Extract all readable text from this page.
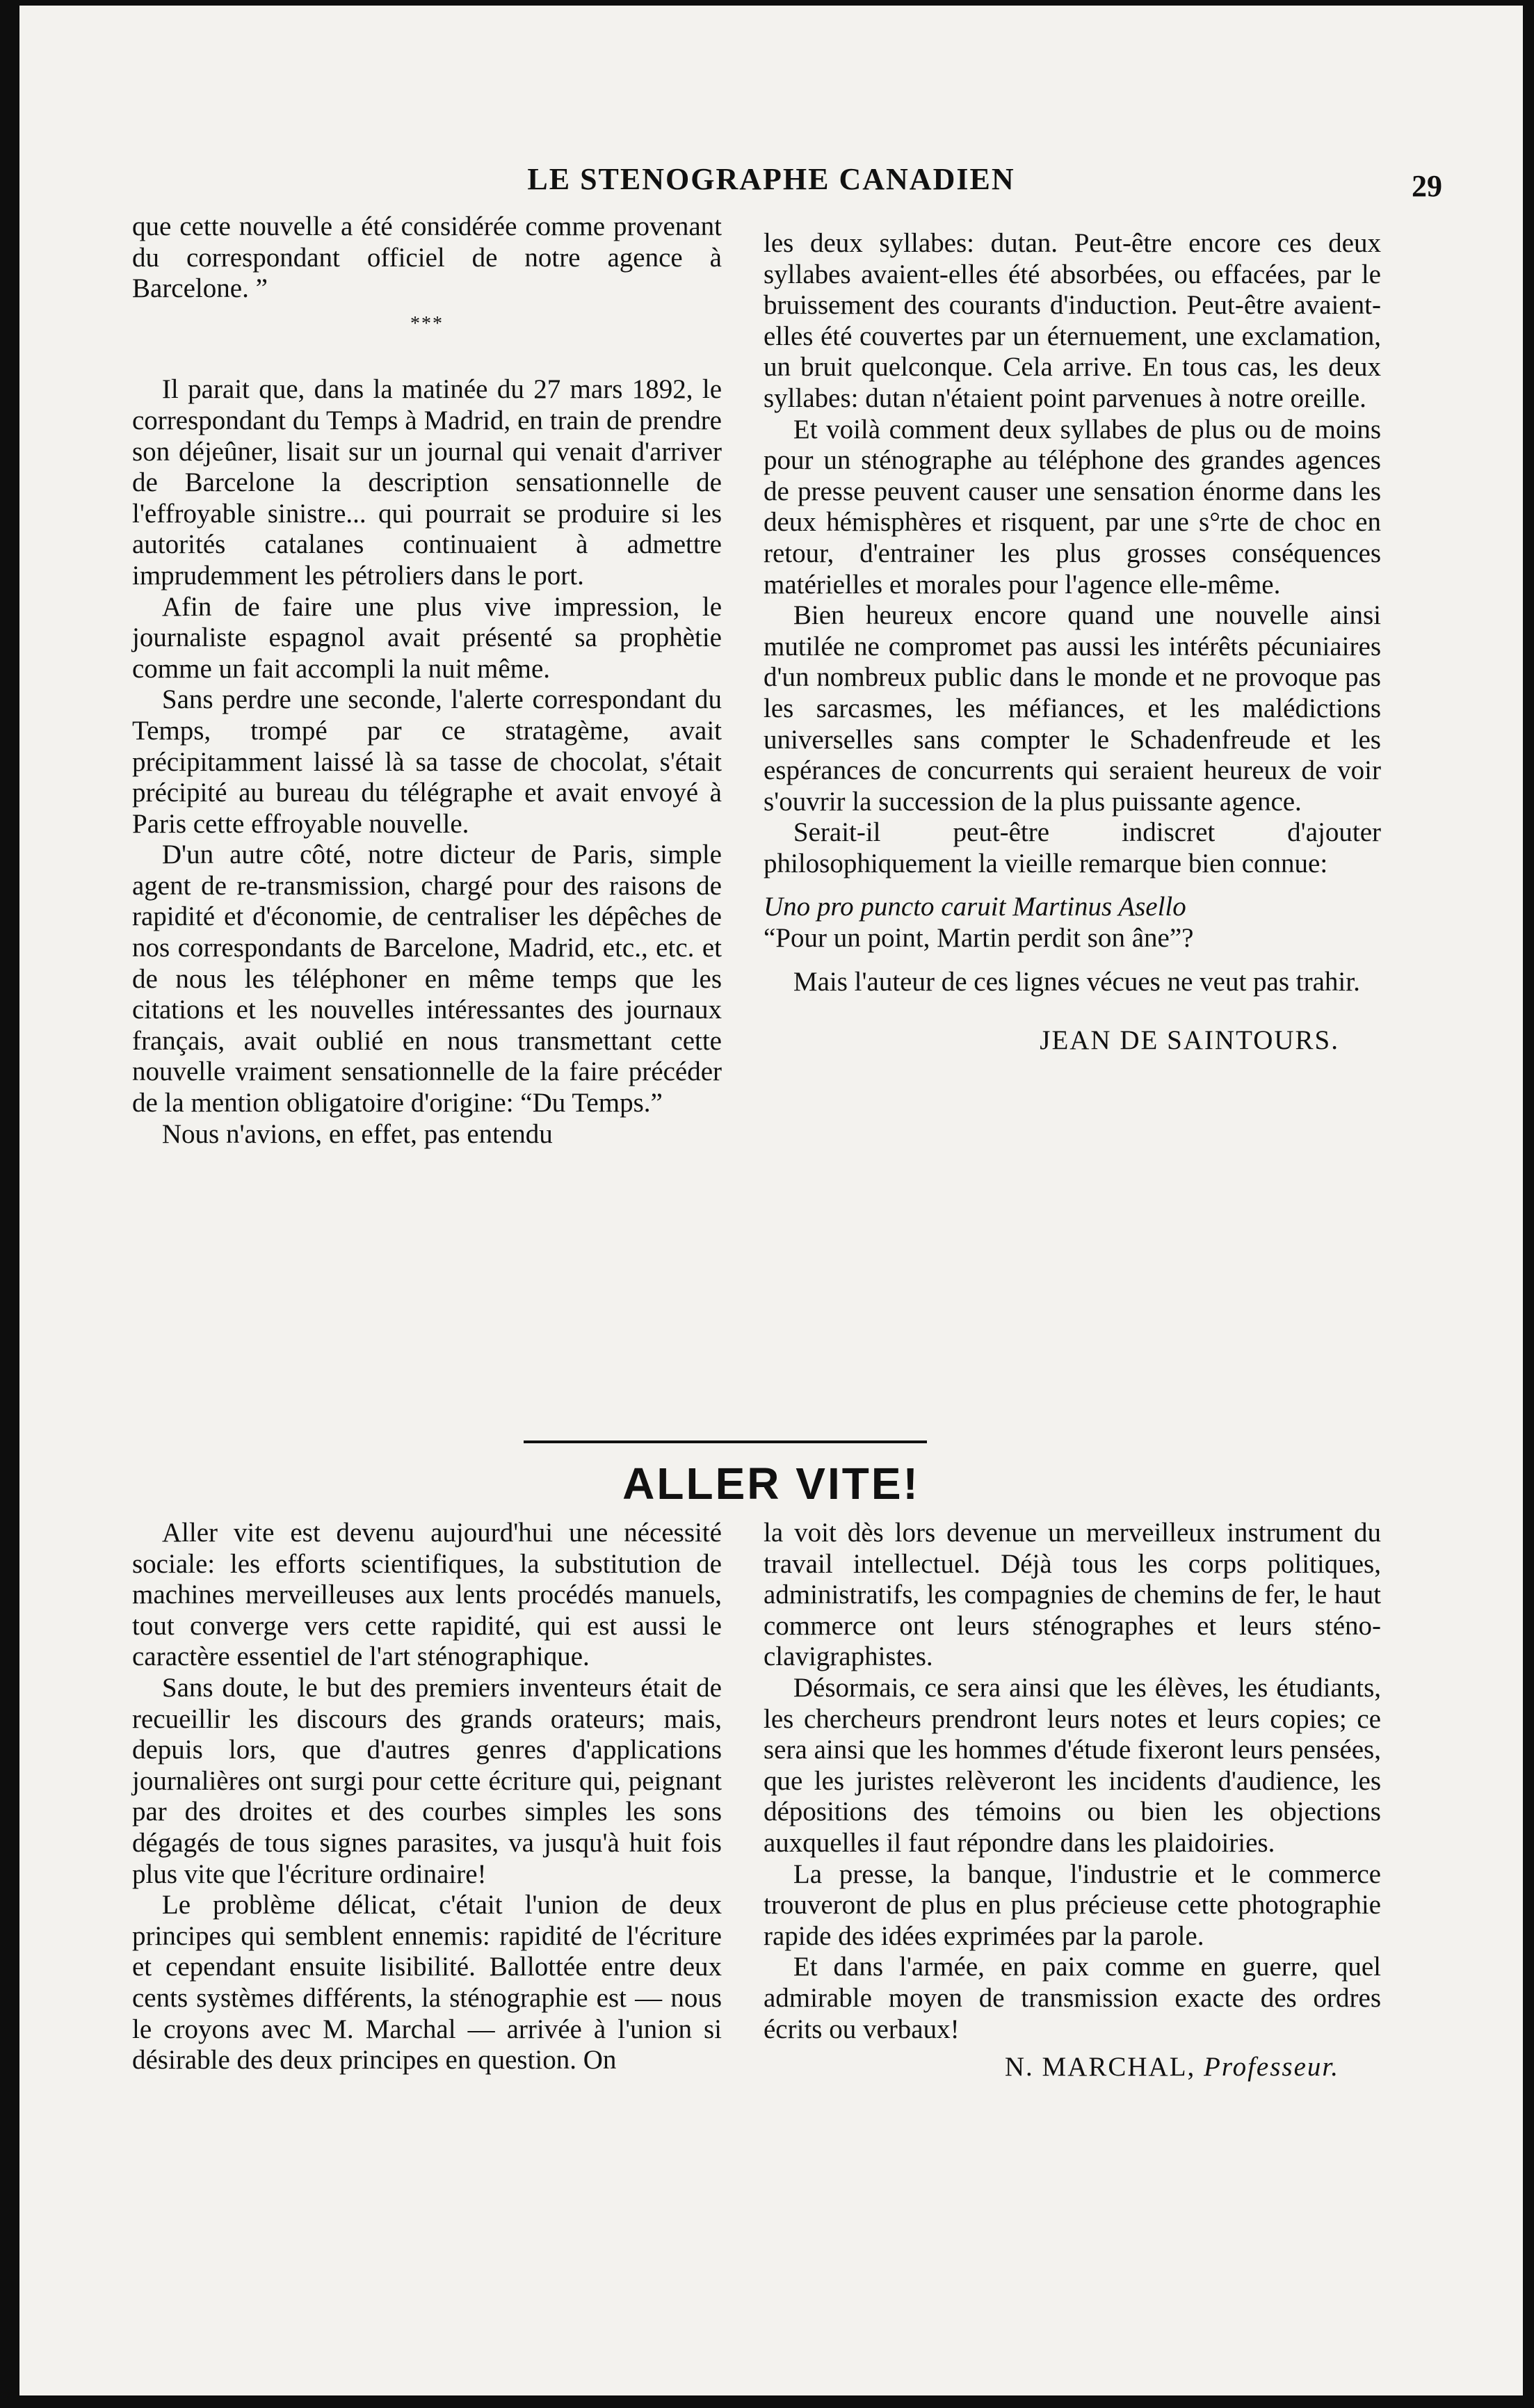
LE STENOGRAPHE CANADIEN	29

que cette nouvelle a été considérée comme provenant du correspondant officiel de notre agence à Barcelone. ”

***

Il parait que, dans la matinée du 27 mars 1892, le correspondant du Temps à Madrid, en train de prendre son déjeûner, lisait sur un journal qui venait d'arriver de Barcelone la description sensationnelle de l'effroyable sinistre... qui pourrait se produire si les autorités catalanes continuaient à admettre imprudemment les pétroliers dans le port.

Afin de faire une plus vive impression, le journaliste espagnol avait présenté sa prophètie comme un fait accompli la nuit même.

Sans perdre une seconde, l'alerte correspondant du Temps, trompé par ce stratagème, avait précipitamment laissé là sa tasse de chocolat, s'était précipité au bureau du télégraphe et avait envoyé à Paris cette effroyable nouvelle.

D'un autre côté, notre dicteur de Paris, simple agent de re-transmission, chargé pour des raisons de rapidité et d'économie, de centraliser les dépêches de nos correspondants de Barcelone, Madrid, etc., etc. et de nous les téléphoner en même temps que les citations et les nouvelles intéressantes des journaux français, avait oublié en nous transmettant cette nouvelle vraiment sensationnelle de la faire précéder de la mention obligatoire d'origine: “Du Temps.”

Nous n'avions, en effet, pas entendu

les deux syllabes: dutan. Peut-être encore ces deux syllabes avaient-elles été absorbées, ou effacées, par le bruissement des courants d'induction. Peut-être avaient-elles été couvertes par un éternuement, une exclamation, un bruit quelconque. Cela arrive. En tous cas, les deux syllabes: dutan n'étaient point parvenues à notre oreille.

Et voilà comment deux syllabes de plus ou de moins pour un sténographe au téléphone des grandes agences de presse peuvent causer une sensation énorme dans les deux hémisphères et risquent, par une s°rte de choc en retour, d'entrainer les plus grosses conséquences matérielles et morales pour l'agence elle-même.

Bien heureux encore quand une nouvelle ainsi mutilée ne compromet pas aussi les intérêts pécuniaires d'un nombreux public dans le monde et ne provoque pas les sarcasmes, les méfiances, et les malédictions universelles sans compter le Schadenfreude et les espérances de concurrents qui seraient heureux de voir s'ouvrir la succession de la plus puissante agence.

Serait-il peut-être indiscret d'ajouter philosophiquement la vieille remarque bien connue:

Uno pro puncto caruit Martinus Asello

“Pour un point, Martin perdit son âne”?

Mais l'auteur de ces lignes vécues ne veut pas trahir.

JEAN DE SAINTOURS.

ALLER VITE!

Aller vite est devenu aujourd'hui une nécessité sociale: les efforts scientifiques, la substitution de machines merveilleuses aux lents procédés manuels, tout converge vers cette rapidité, qui est aussi le caractère essentiel de l'art sténographique.

Sans doute, le but des premiers inventeurs était de recueillir les discours des grands orateurs; mais, depuis lors, que d'autres genres d'applications journalières ont surgi pour cette écriture qui, peignant par des droites et des courbes simples les sons dégagés de tous signes parasites, va jusqu'à huit fois plus vite que l'écriture ordinaire!

Le problème délicat, c'était l'union de deux principes qui semblent ennemis: rapidité de l'écriture et cependant ensuite lisibilité. Ballottée entre deux cents systèmes différents, la sténographie est — nous le croyons avec M. Marchal — arrivée à l'union si désirable des deux principes en question. On

la voit dès lors devenue un merveilleux instrument du travail intellectuel. Déjà tous les corps politiques, administratifs, les compagnies de chemins de fer, le haut commerce ont leurs sténographes et leurs sténo-clavigraphistes.

Désormais, ce sera ainsi que les élèves, les étudiants, les chercheurs prendront leurs notes et leurs copies; ce sera ainsi que les hommes d'étude fixeront leurs pensées, que les juristes relèveront les incidents d'audience, les dépositions des témoins ou bien les objections auxquelles il faut répondre dans les plaidoiries.

La presse, la banque, l'industrie et le commerce trouveront de plus en plus précieuse cette photographie rapide des idées exprimées par la parole.

Et dans l'armée, en paix comme en guerre, quel admirable moyen de transmission exacte des ordres écrits ou verbaux!

N. MARCHAL, Professeur.
